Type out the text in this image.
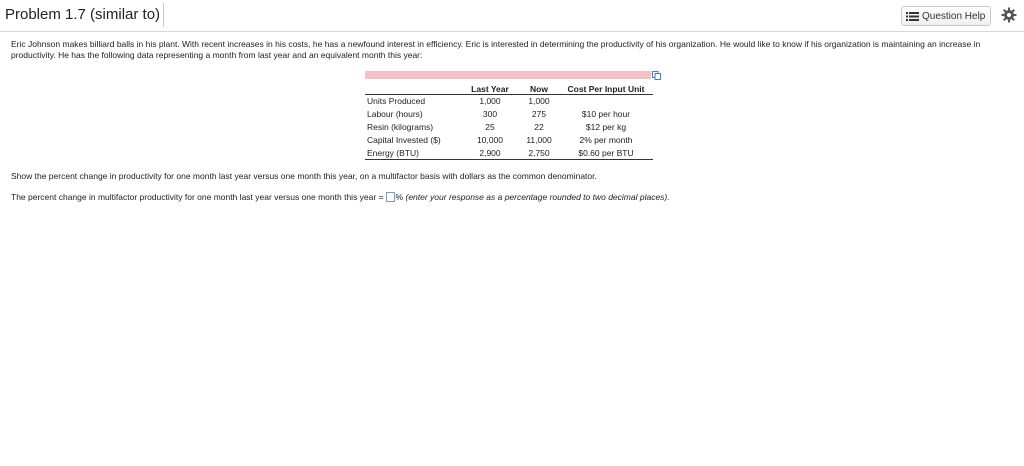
Problem 1.7 (similar to)	Question Help
Eric Johnson makes billiard balls in his plant. With recent increases in his costs, he has a newfound interest in efficiency. Eric is interested in determining the productivity of his organization. He would like to know if his organization is maintaining an increase in productivity. He has the following data representing a month from last year and an equivalent month this year:
	Last Year	Now	Cost Per Input Unit
Units Produced	1,000	1,000	
Labour (hours)	300	275	$10 per hour
Resin (kilograms)	25	22	$12 per kg
Capital Invested ($)	10,000	11,000	2% per month
Energy (BTU)	2,900	2,750	$0.60 per BTU
Show the percent change in productivity for one month last year versus one month this year, on a multifactor basis with dollars as the common denominator.
The percent change in multifactor productivity for one month last year versus one month this year = %
(enter your response as a percentage rounded to two decimal places).
